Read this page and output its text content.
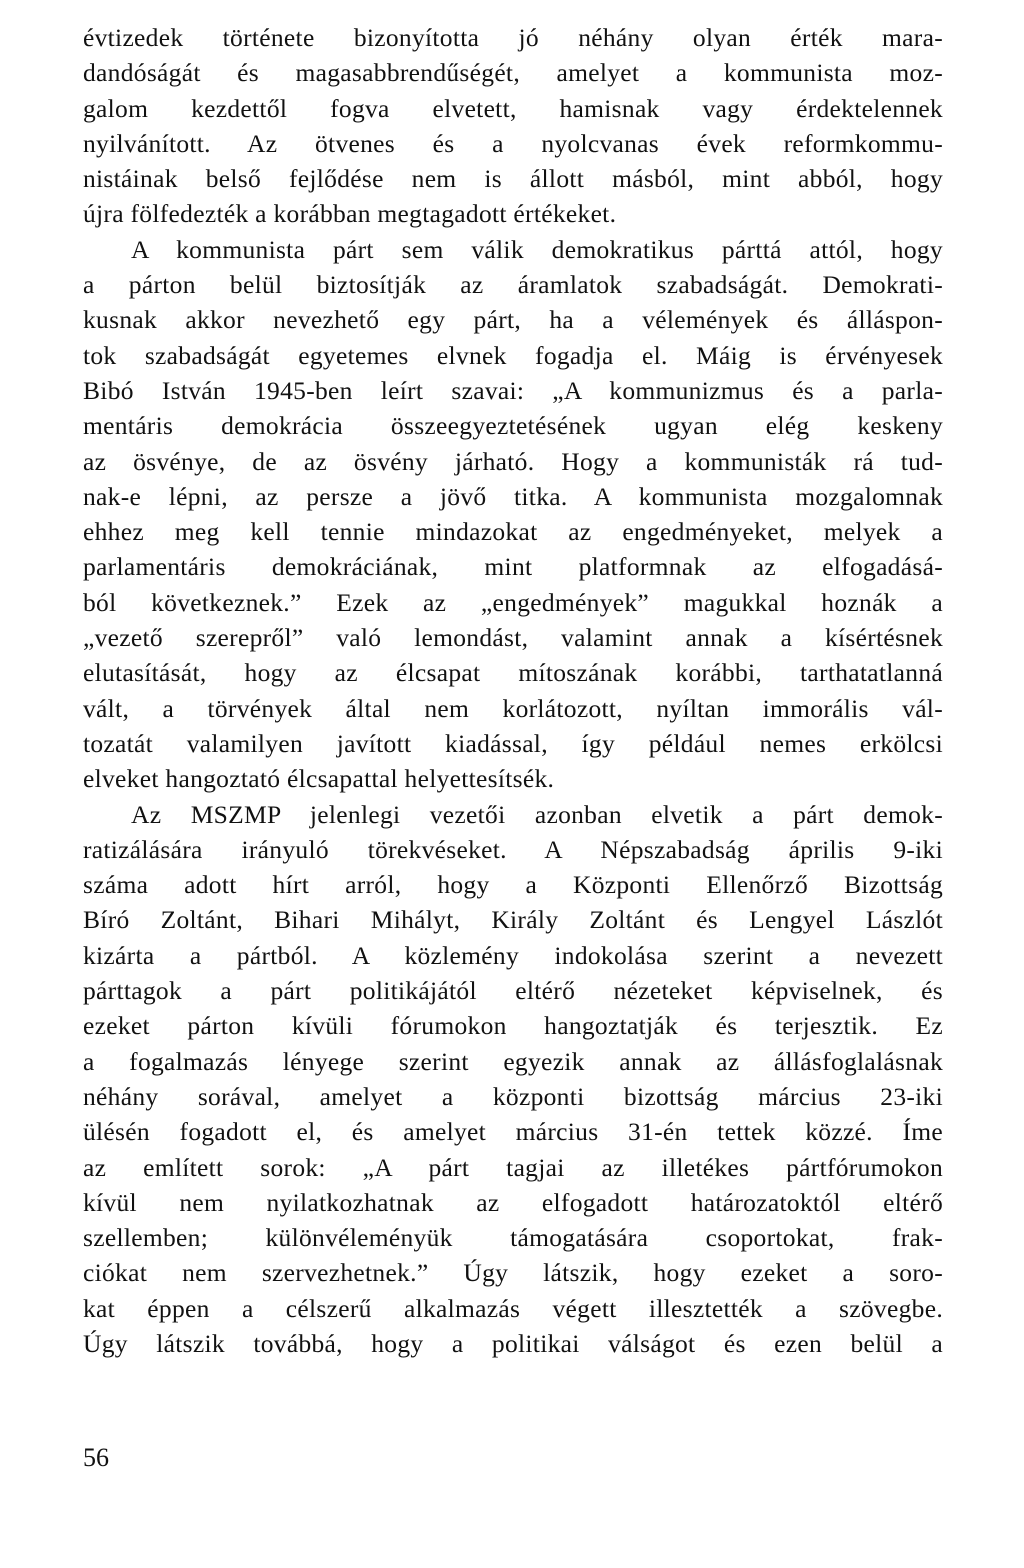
évtizedek története bizonyította jó néhány olyan érték mara-
dandóságát és magasabbrendűségét, amelyet a kommunista moz-
galom kezdettől fogva elvetett, hamisnak vagy érdektelennek
nyilvánított. Az ötvenes és a nyolcvanas évek reformkommu-
nistáinak belső fejlődése nem is állott másból, mint abból, hogy
újra fölfedezték a korábban megtagadott értékeket.
A kommunista párt sem válik demokratikus párttá attól, hogy
a párton belül biztosítják az áramlatok szabadságát. Demokrati-
kusnak akkor nevezhető egy párt, ha a vélemények és álláspon-
tok szabadságát egyetemes elvnek fogadja el. Máig is érvényesek
Bibó István 1945-ben leírt szavai: „A kommunizmus és a parla-
mentáris demokrácia összeegyeztetésének ugyan elég keskeny
az ösvénye, de az ösvény járható. Hogy a kommunisták rá tud-
nak-e lépni, az persze a jövő titka. A kommunista mozgalomnak
ehhez meg kell tennie mindazokat az engedményeket, melyek a
parlamentáris demokráciának, mint platformnak az elfogadásá-
ból következnek.” Ezek az „engedmények” magukkal hoznák a
„vezető szerepről” való lemondást, valamint annak a kísértésnek
elutasítását, hogy az élcsapat mítoszának korábbi, tarthatatlanná
vált, a törvények által nem korlátozott, nyíltan immorális vál-
tozatát valamilyen javított kiadással, így például nemes erkölcsi
elveket hangoztató élcsapattal helyettesítsék.
Az MSZMP jelenlegi vezetői azonban elvetik a párt demok-
ratizálására irányuló törekvéseket. A Népszabadság április 9-iki
száma adott hírt arról, hogy a Központi Ellenőrző Bizottság
Bíró Zoltánt, Bihari Mihályt, Király Zoltánt és Lengyel Lászlót
kizárta a pártból. A közlemény indokolása szerint a nevezett
párttagok a párt politikájától eltérő nézeteket képviselnek, és
ezeket párton kívüli fórumokon hangoztatják és terjesztik. Ez
a fogalmazás lényege szerint egyezik annak az állásfoglalásnak
néhány sorával, amelyet a központi bizottság március 23-iki
ülésén fogadott el, és amelyet március 31-én tettek közzé. Íme
az említett sorok: „A párt tagjai az illetékes pártfórumokon
kívül nem nyilatkozhatnak az elfogadott határozatoktól eltérő
szellemben; különvéleményük támogatására csoportokat, frak-
ciókat nem szervezhetnek.” Úgy látszik, hogy ezeket a soro-
kat éppen a célszerű alkalmazás végett illesztették a szövegbe.
Úgy látszik továbbá, hogy a politikai válságot és ezen belül a
56
